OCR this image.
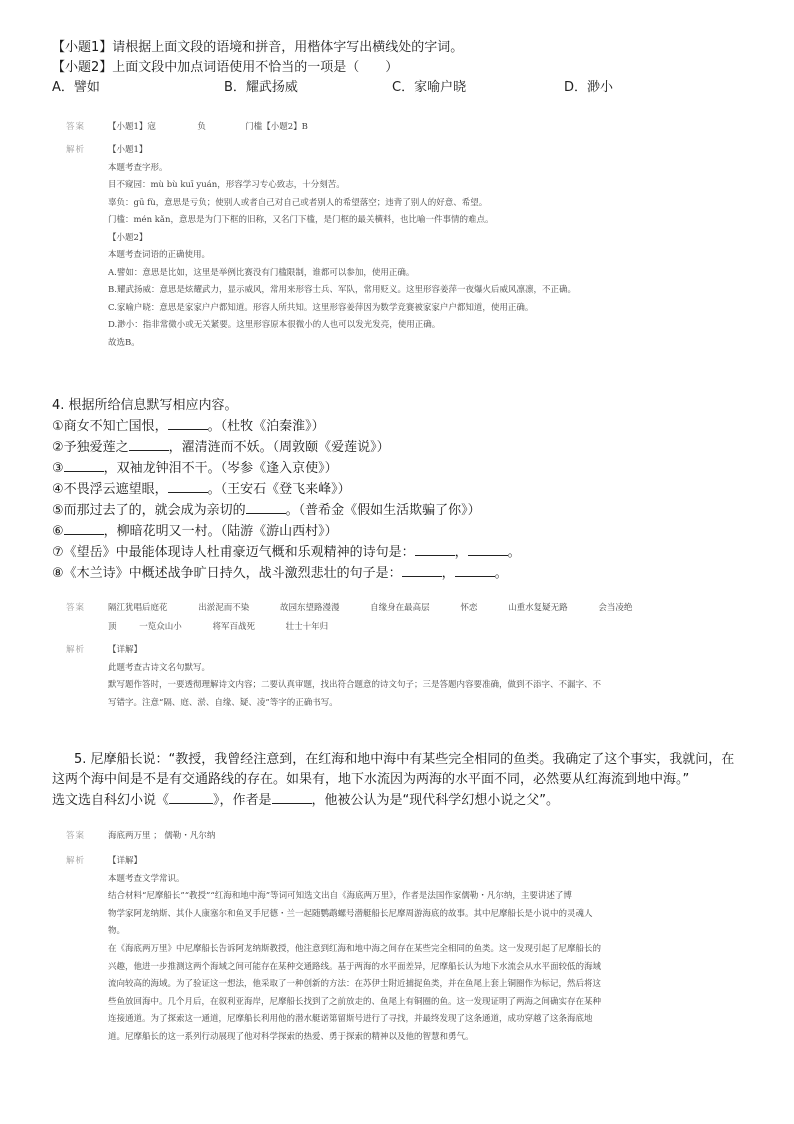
【小题1】请根据上面文段的语境和拼音，用楷体字写出横线处的字词。
【小题2】上面文段中加点词语使用不恰当的一项是（　　）
A．譬如	B．耀武扬威	C．家喻户晓	D．渺小
答案	【小题1】寇	负	门槛【小题2】B
解析	【小题1】
本题考查字形。
目不窥园：mù bù kuī yuán，形容学习专心致志，十分刻苦。
辜负：gū fù，意思是亏负；使别人或者自己对自己或者别人的希望落空；违背了别人的好意、希望。
门槛：mén kǎn，意思是为门下框的旧称，又名门下槛，是门框的最关横料，也比喻一件事情的难点。
【小题2】
本题考查词语的正确使用。
A.譬如：意思是比如，这里是举例比赛没有门槛限制，谁都可以参加，使用正确。
B.耀武扬威：意思是炫耀武力，显示威风，常用来形容士兵、军队，常用贬义。这里形容姜萍一夜爆火后威风凛凛，不正确。
C.家喻户晓：意思是家家户户都知道。形容人所共知。这里形容姜萍因为数学竞赛被家家户户都知道，使用正确。
D.渺小：指非常微小或无关紧要。这里形容原本很微小的人也可以发光发亮，使用正确。
故选B。
4. 根据所给信息默写相应内容。
①商女不知亡国恨，	。（杜牧《泊秦淮》）
②予独爱莲之	，濯清涟而不妖。（周敦颐《爱莲说》）
③	，双袖龙钟泪不干。（岑参《逢入京使》）
④不畏浮云遮望眼，	。（王安石《登飞来峰》）
⑤而那过去了的，就会成为亲切的	。（普希金《假如生活欺骗了你》）
⑥	，柳暗花明又一村。（陆游《游山西村》）
⑦《望岳》中最能体现诗人杜甫豪迈气概和乐观精神的诗句是：	，	。
⑧《木兰诗》中概述战争旷日持久，战斗激烈悲壮的句子是：	，	。
答案	隔江犹唱后庭花	出淤泥而不染	故园东望路漫漫	自缘身在最高层	怀恋	山重水复疑无路	会当凌绝
顶	一览众山小	将军百战死	壮士十年归
解析	【详解】
此题考查古诗文名句默写。
默写题作答时，一要透彻理解诗文内容；二要认真审题，找出符合题意的诗文句子；三是答题内容要准确，做到不添字、不漏字、不
写错字。注意“隔、庭、淤、自缘、疑、凌”等字的正确书写。
5. 尼摩船长说：“教授，我曾经注意到，在红海和地中海中有某些完全相同的鱼类。我确定了这个事实，我就问，在
这两个海中间是不是有交通路线的存在。如果有，地下水流因为两海的水平面不同，必然要从红海流到地中海。”
选文选自科幻小说《	》，作者是	，他被公认为是“现代科学幻想小说之父”。
答案	海底两万里 ； 儒勒・凡尔纳
解析	【详解】
本题考查文学常识。
结合材料“尼摩船长”“教授”“红海和地中海”等词可知选文出自《海底两万里》，作者是法国作家儒勒・凡尔纳，主要讲述了博
物学家阿龙纳斯、其仆人康塞尔和鱼叉手尼德・兰一起随鹦鹉螺号潜艇船长尼摩周游海底的故事。其中尼摩船长是小说中的灵魂人
物。
在《海底两万里》中尼摩船长告诉阿龙纳斯教授，他注意到红海和地中海之间存在某些完全相同的鱼类。这一发现引起了尼摩船长的
兴趣，他进一步推测这两个海域之间可能存在某种交通路线。基于两海的水平面差异，尼摩船长认为地下水流会从水平面较低的海域
流向较高的海域。为了验证这一想法，他采取了一种创新的方法：在苏伊士附近捕捉鱼类，并在鱼尾上套上铜圈作为标记，然后将这
些鱼放回海中。几个月后，在叙利亚海岸，尼摩船长找到了之前放走的、鱼尾上有铜圈的鱼。这一发现证明了两海之间确实存在某种
连接通道。为了探索这一通道，尼摩船长利用他的潜水艇诺第留斯号进行了寻找，并最终发现了这条通道，成功穿越了这条海底地
道。尼摩船长的这一系列行动展现了他对科学探索的热爱、勇于探索的精神以及他的智慧和勇气。
